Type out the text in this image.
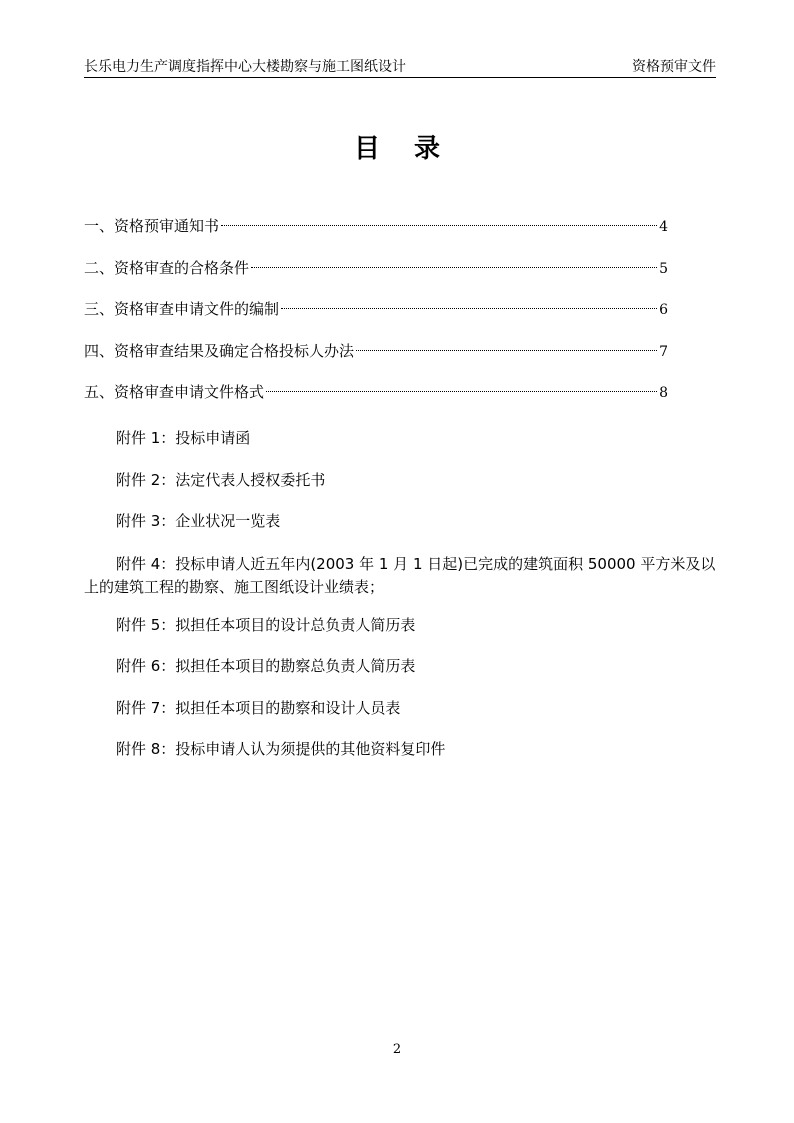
长乐电力生产调度指挥中心大楼勘察与施工图纸设计	资格预审文件
目录
一、资格预审通知书	4
二、资格审查的合格条件	5
三、资格审查申请文件的编制	6
四、资格审查结果及确定合格投标人办法	7
五、资格审查申请文件格式	8

附件 1：投标申请函

附件 2：法定代表人授权委托书

附件 3：企业状况一览表

附件 4：投标申请人近五年内(2003 年 1 月 1 日起)已完成的建筑面积 50000 平方米及以上的建筑工程的勘察、施工图纸设计业绩表；

附件 5：拟担任本项目的设计总负责人简历表

附件 6：拟担任本项目的勘察总负责人简历表

附件 7：拟担任本项目的勘察和设计人员表

附件 8：投标申请人认为须提供的其他资料复印件

2
